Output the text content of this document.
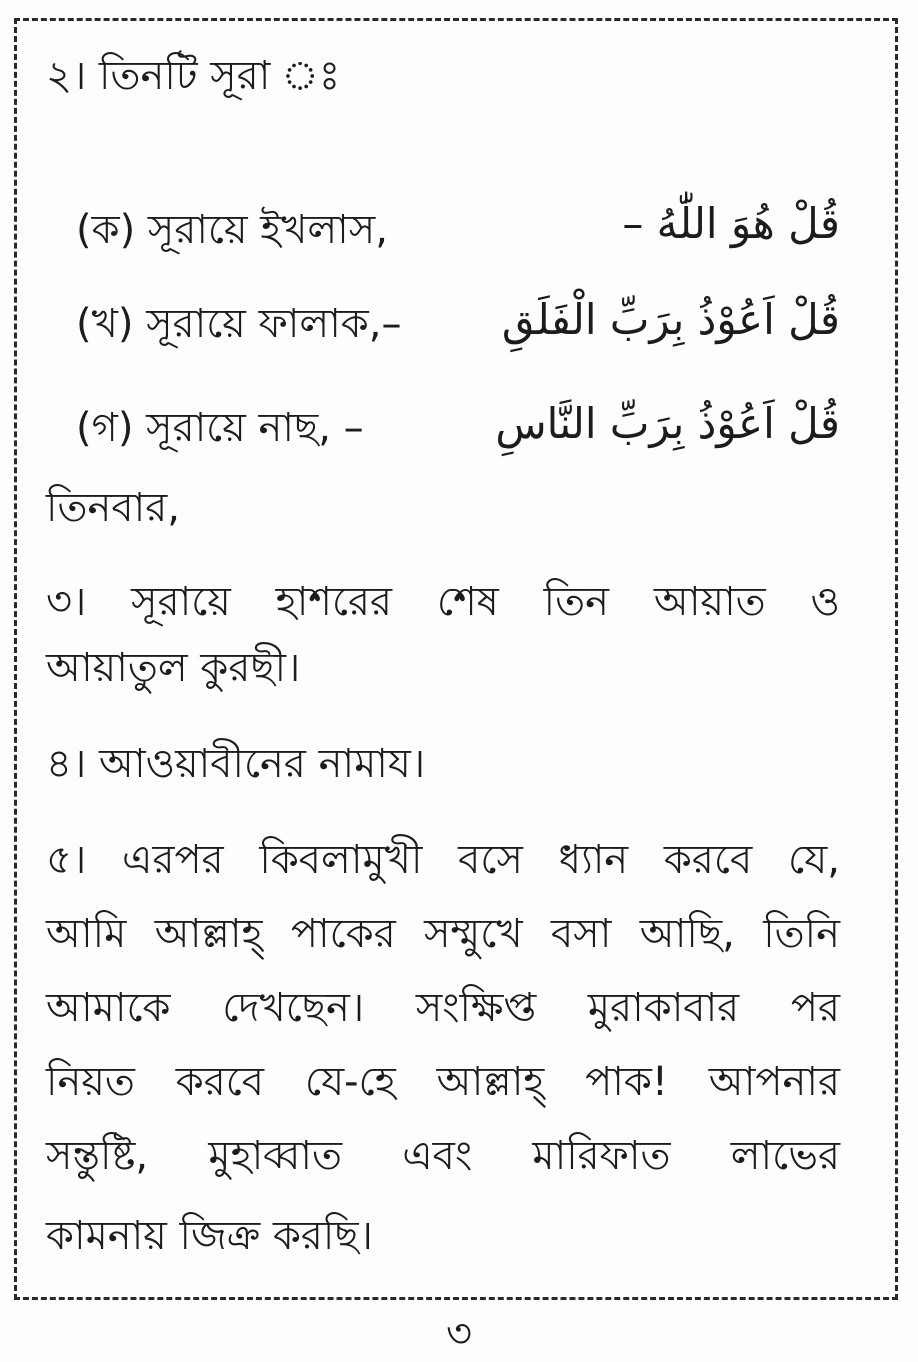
২। তিনটি সূরা ঃ
(ক) সূরায়ে ইখলাস,	قُلْ هُوَ اللّٰهُ –
(খ) সূরায়ে ফালাক,– قُلْ اَعُوْذُ بِرَبِّ الْفَلَقِ
(গ) সূরায়ে নাছ, –	قُلْ اَعُوْذُ بِرَبِّ النَّاسِ
তিনবার,
৩। সূরায়ে হাশরের শেষ তিন আয়াত ও
আয়াতুল কুরছী।
৪। আওয়াবীনের নামায।
৫। এরপর কিবলামুখী বসে ধ্যান করবে যে,
আমি আল্লাহ্ পাকের সম্মুখে বসা আছি, তিনি
আমাকে দেখছেন। সংক্ষিপ্ত মুরাকাবার পর
নিয়ত করবে যে-হে আল্লাহ্ পাক! আপনার
সন্তুষ্টি, মুহাব্বাত এবং মারিফাত লাভের
কামনায় জিক্র করছি।
৩
